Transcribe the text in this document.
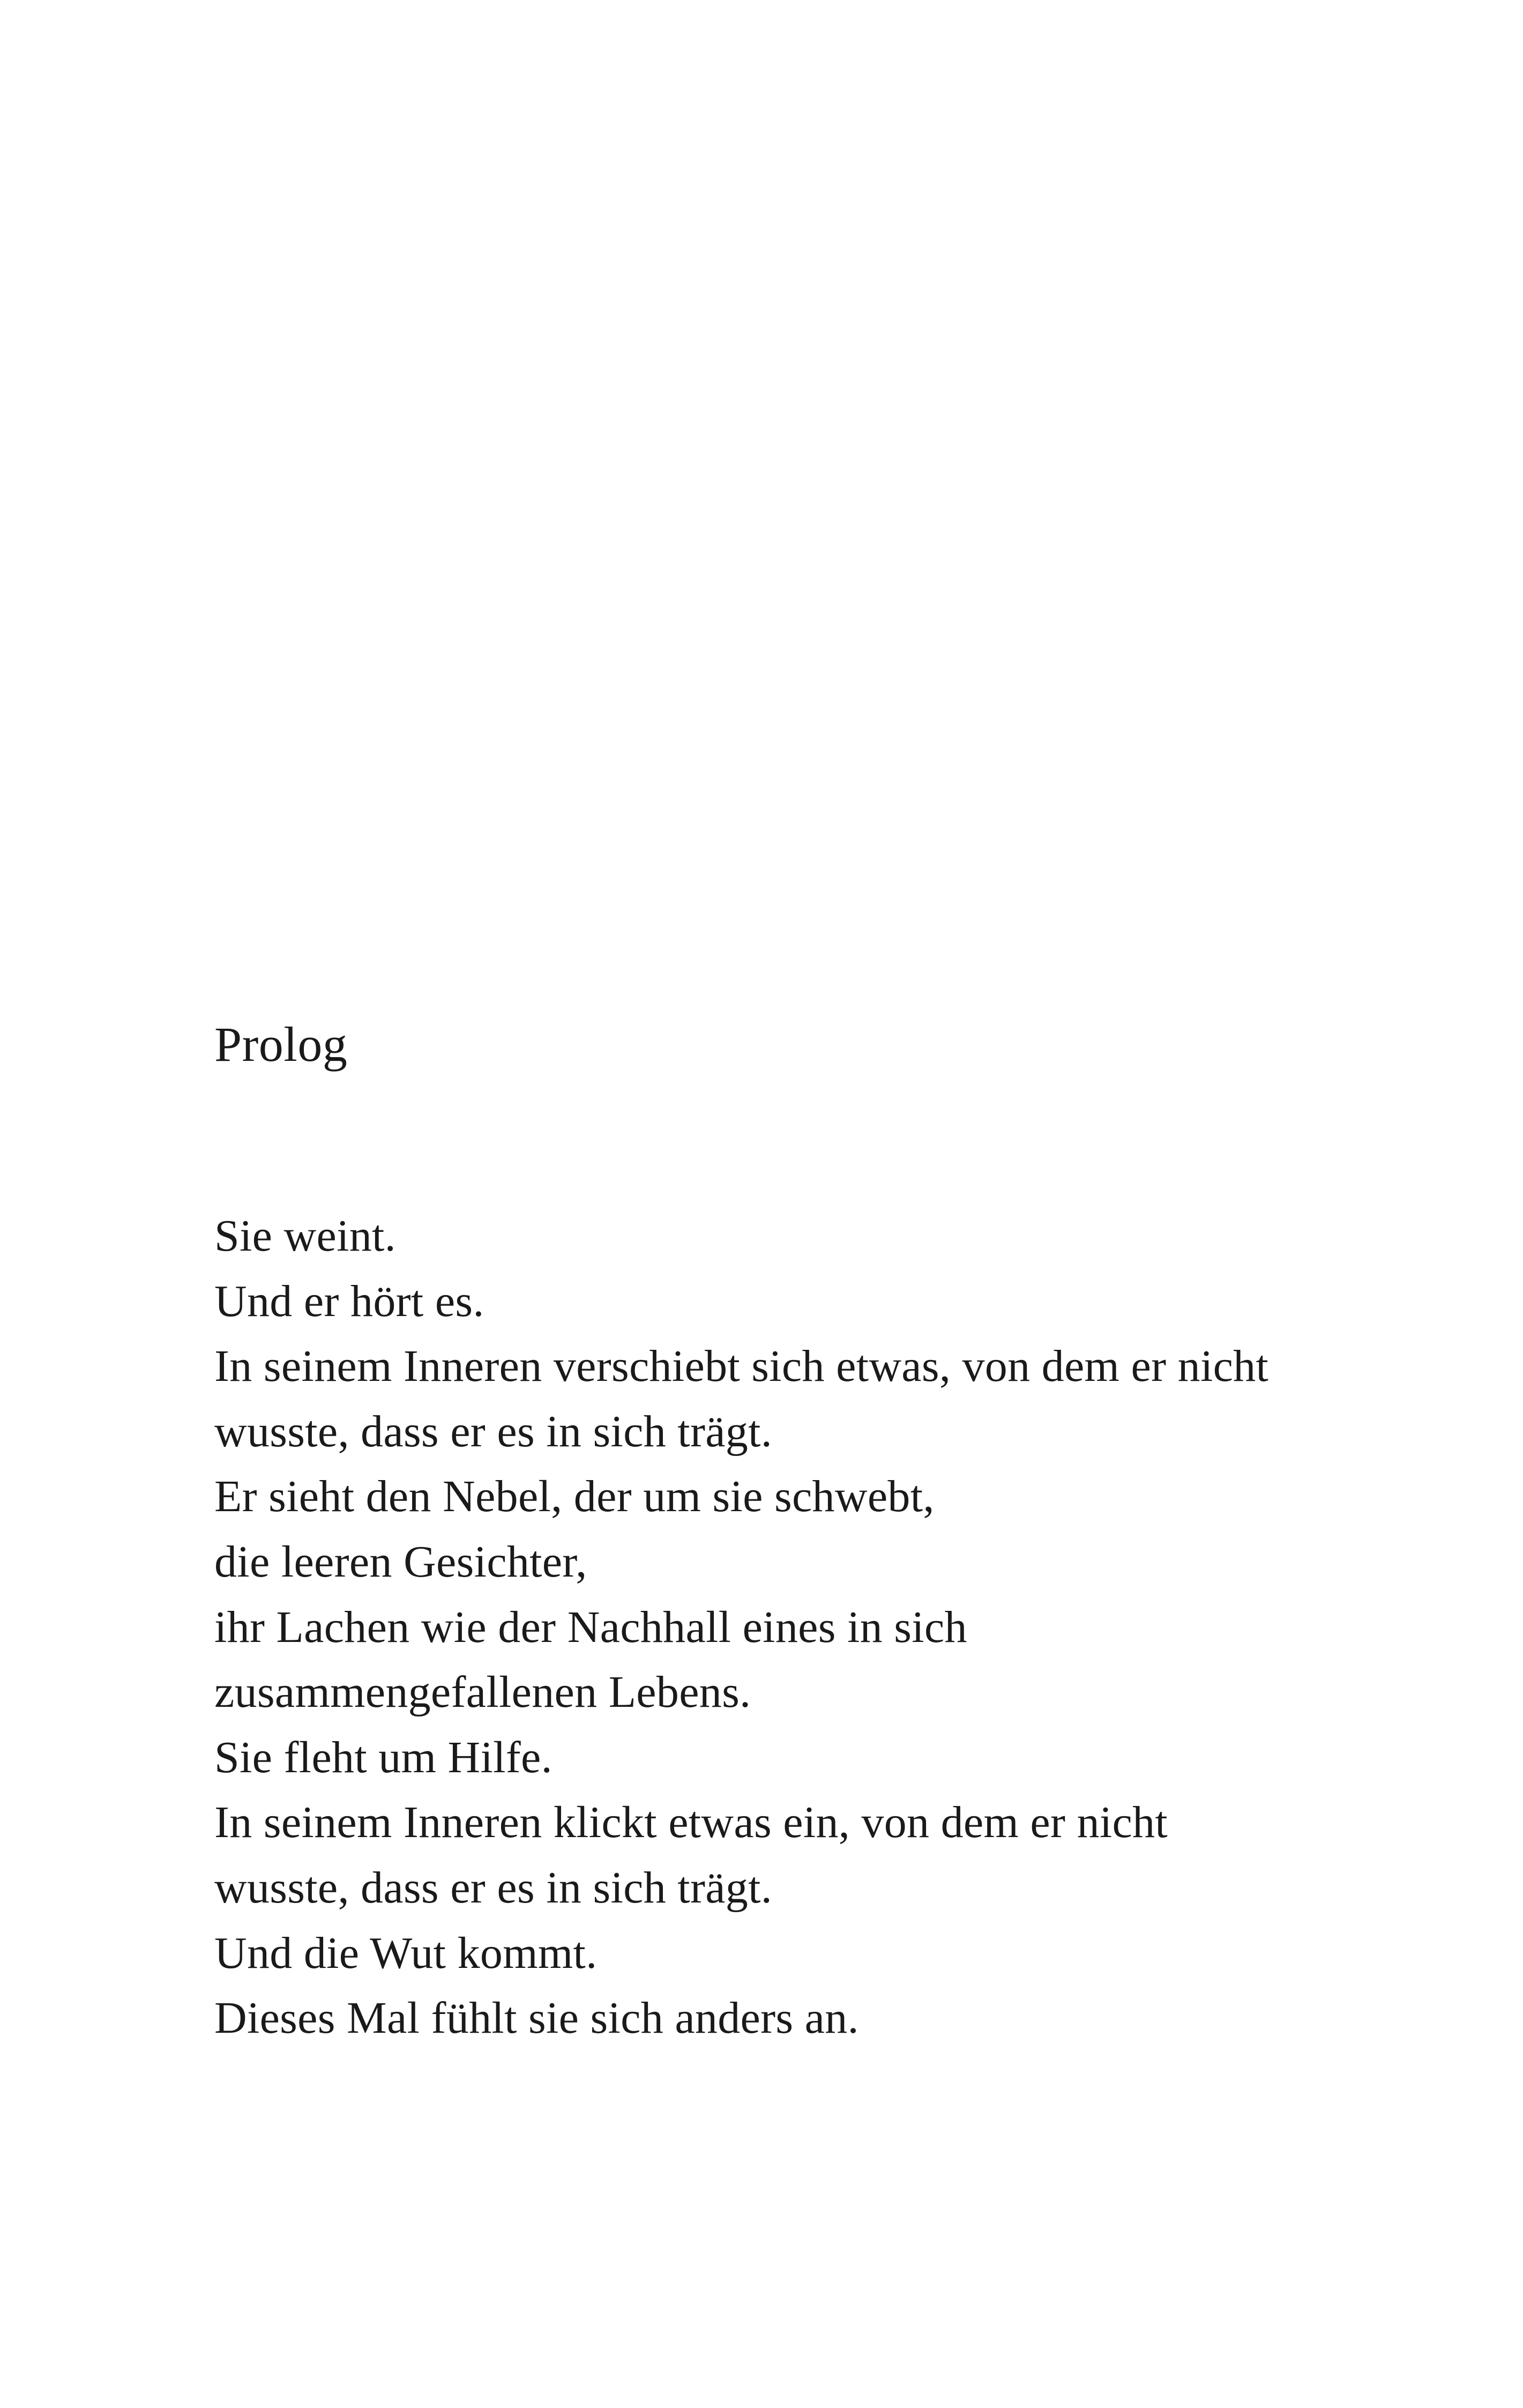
Prolog
Sie weint.
Und er hört es.
In seinem Inneren verschiebt sich etwas, von dem er nicht
wusste, dass er es in sich trägt.
Er sieht den Nebel, der um sie schwebt,
die leeren Gesichter,
ihr Lachen wie der Nachhall eines in sich
zusammengefallenen Lebens.
Sie fleht um Hilfe.
In seinem Inneren klickt etwas ein, von dem er nicht
wusste, dass er es in sich trägt.
Und die Wut kommt.
Dieses Mal fühlt sie sich anders an.
